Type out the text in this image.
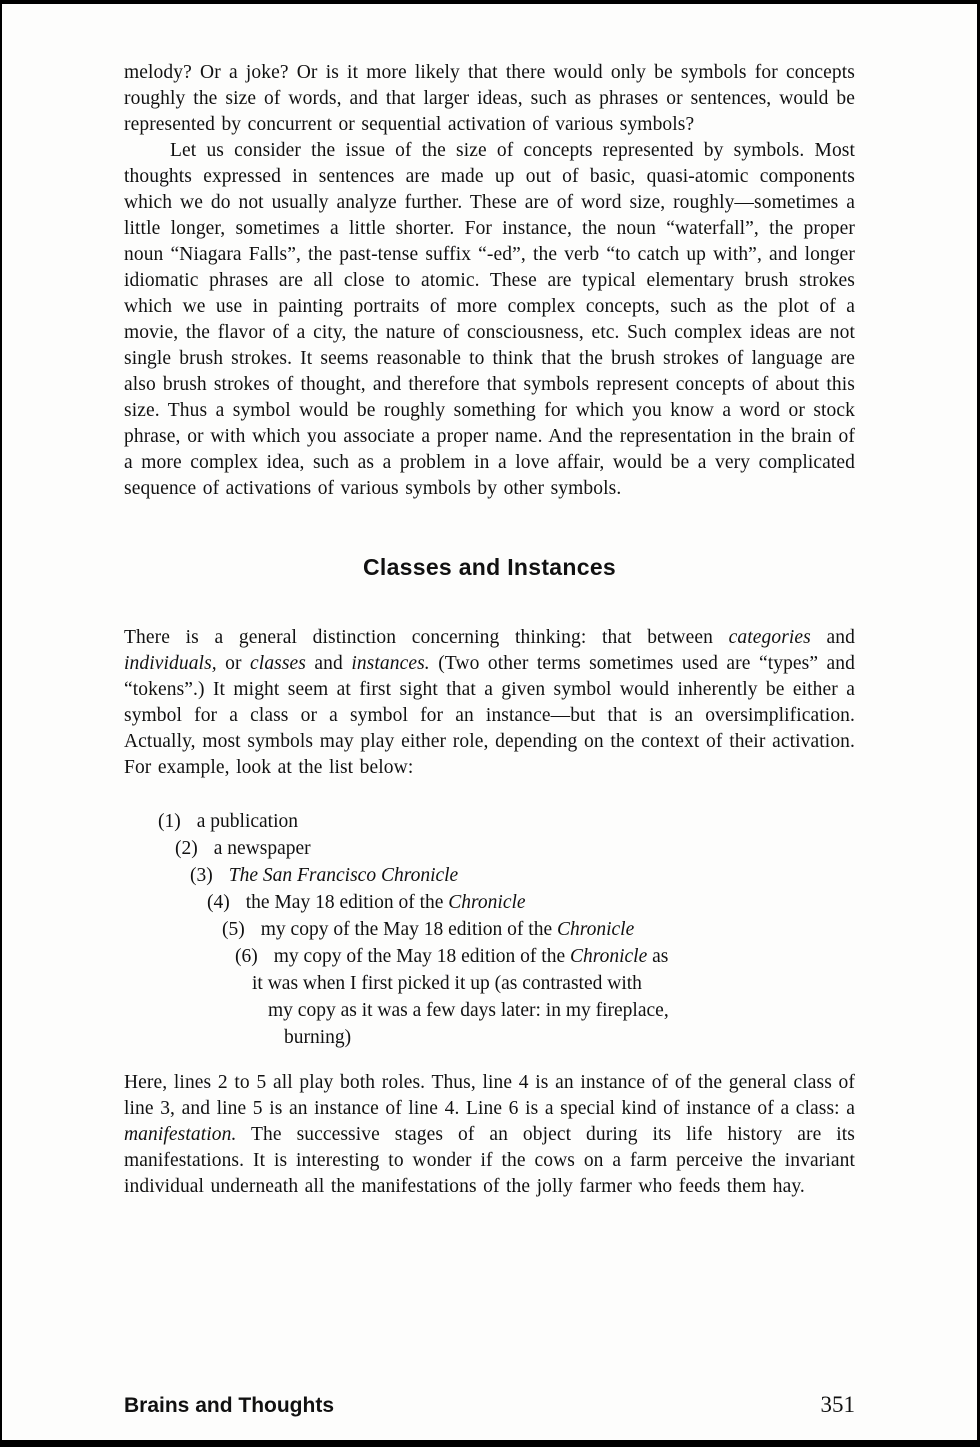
melody? Or a joke? Or is it more likely that there would only be symbols for concepts roughly the size of words, and that larger ideas, such as phrases or sentences, would be represented by concurrent or sequential activation of various symbols?

Let us consider the issue of the size of concepts represented by symbols. Most thoughts expressed in sentences are made up out of basic, quasi-atomic components which we do not usually analyze further. These are of word size, roughly—sometimes a little longer, sometimes a little shorter. For instance, the noun “waterfall”, the proper noun “Niagara Falls”, the past-tense suffix “-ed”, the verb “to catch up with”, and longer idiomatic phrases are all close to atomic. These are typical elementary brush strokes which we use in painting portraits of more complex concepts, such as the plot of a movie, the flavor of a city, the nature of consciousness, etc. Such complex ideas are not single brush strokes. It seems reasonable to think that the brush strokes of language are also brush strokes of thought, and therefore that symbols represent concepts of about this size. Thus a symbol would be roughly something for which you know a word or stock phrase, or with which you associate a proper name. And the representation in the brain of a more complex idea, such as a problem in a love affair, would be a very complicated sequence of activations of various symbols by other symbols.

Classes and Instances

There is a general distinction concerning thinking: that between categories and individuals, or classes and instances. (Two other terms sometimes used are “types” and “tokens”.) It might seem at first sight that a given symbol would inherently be either a symbol for a class or a symbol for an instance—but that is an oversimplification. Actually, most symbols may play either role, depending on the context of their activation. For example, look at the list below:

(1) a publication
(2) a newspaper
(3) The San Francisco Chronicle
(4) the May 18 edition of the Chronicle
(5) my copy of the May 18 edition of the Chronicle
(6) my copy of the May 18 edition of the Chronicle as
it was when I first picked it up (as contrasted with
my copy as it was a few days later: in my fireplace,
burning)

Here, lines 2 to 5 all play both roles. Thus, line 4 is an instance of of the general class of line 3, and line 5 is an instance of line 4. Line 6 is a special kind of instance of a class: a manifestation. The successive stages of an object during its life history are its manifestations. It is interesting to wonder if the cows on a farm perceive the invariant individual underneath all the manifestations of the jolly farmer who feeds them hay.

Brains and Thoughts	351
